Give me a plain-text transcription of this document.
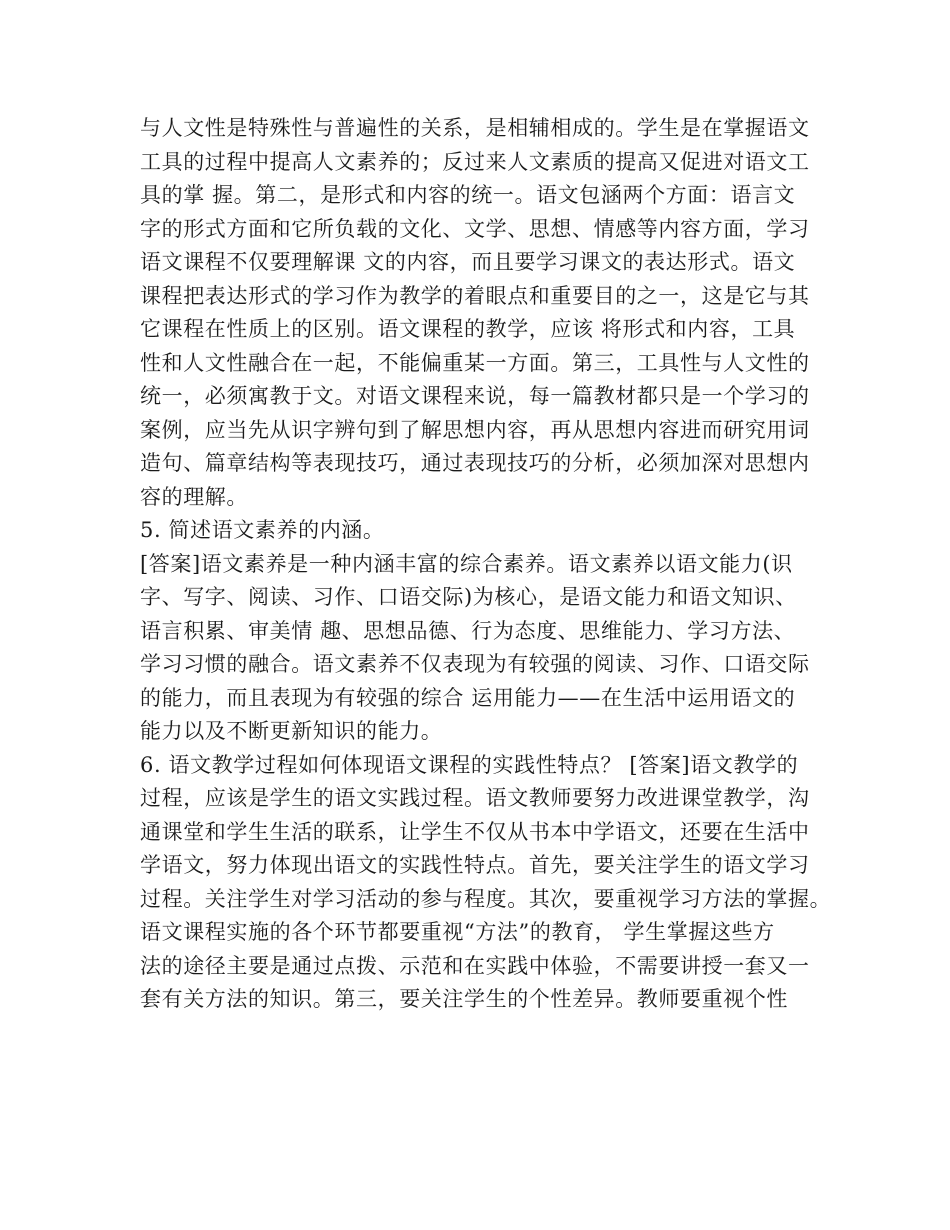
与人文性是特殊性与普遍性的关系，是相辅相成的。学生是在掌握语文
工具的过程中提高人文素养的；反过来人文素质的提高又促进对语文工
具的掌 握。第二，是形式和内容的统一。语文包涵两个方面：语言文
字的形式方面和它所负载的文化、文学、思想、情感等内容方面，学习
语文课程不仅要理解课 文的内容，而且要学习课文的表达形式。语文
课程把表达形式的学习作为教学的着眼点和重要目的之一，这是它与其
它课程在性质上的区别。语文课程的教学，应该 将形式和内容，工具
性和人文性融合在一起，不能偏重某一方面。第三，工具性与人文性的
统一，必须寓教于文。对语文课程来说，每一篇教材都只是一个学习的
案例，应当先从识字辨句到了解思想内容，再从思想内容进而研究用词
造句、篇章结构等表现技巧，通过表现技巧的分析，必须加深对思想内
容的理解。
5. 简述语文素养的内涵。
[答案]语文素养是一种内涵丰富的综合素养。语文素养以语文能力(识
字、写字、阅读、习作、口语交际)为核心，是语文能力和语文知识、
语言积累、审美情 趣、思想品德、行为态度、思维能力、学习方法、
学习习惯的融合。语文素养不仅表现为有较强的阅读、习作、口语交际
的能力，而且表现为有较强的综合 运用能力——在生活中运用语文的
能力以及不断更新知识的能力。
6. 语文教学过程如何体现语文课程的实践性特点？ [答案]语文教学的
过程，应该是学生的语文实践过程。语文教师要努力改进课堂教学，沟
通课堂和学生生活的联系，让学生不仅从书本中学语文，还要在生活中
学语文，努力体现出语文的实践性特点。首先，要关注学生的语文学习
过程。关注学生对学习活动的参与程度。其次，要重视学习方法的掌握。
语文课程实施的各个环节都要重视“方法”的教育， 学生掌握这些方
法的途径主要是通过点拨、示范和在实践中体验，不需要讲授一套又一
套有关方法的知识。第三，要关注学生的个性差异。教师要重视个性
